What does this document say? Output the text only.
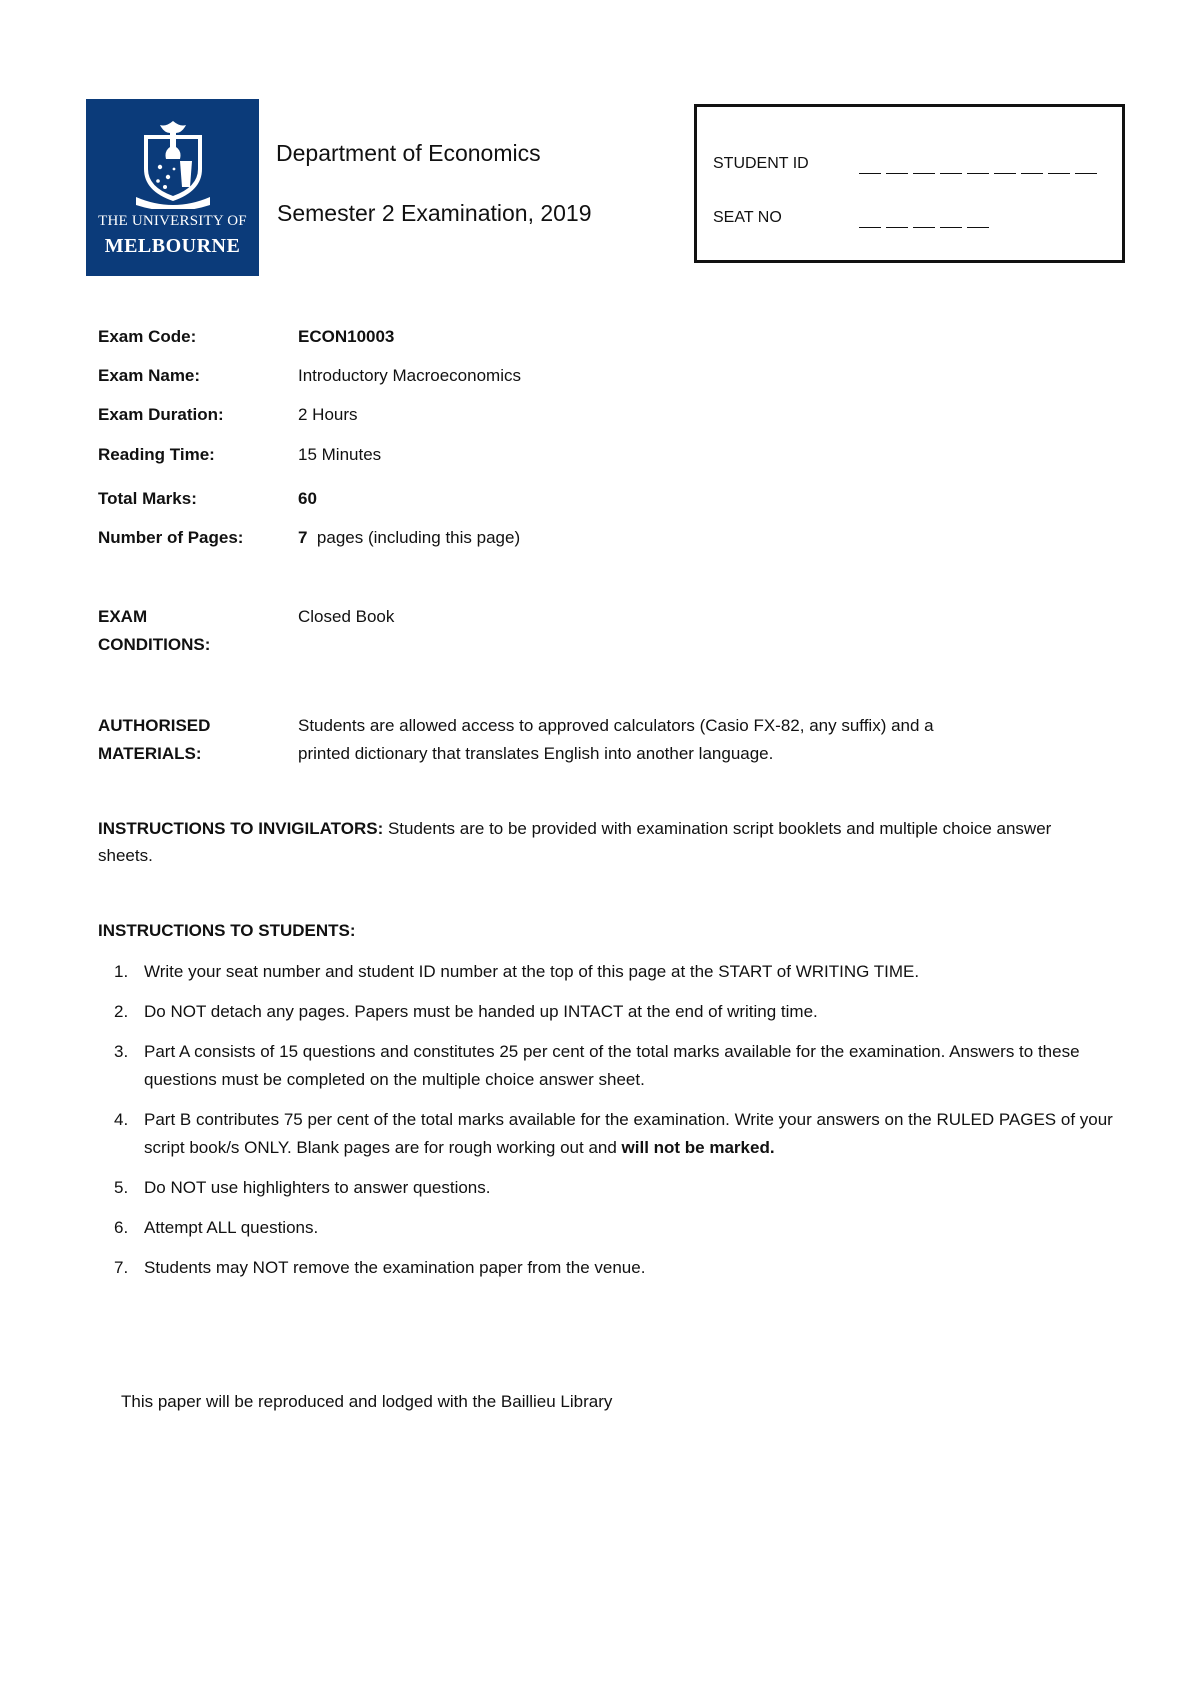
THE UNIVERSITY OF
MELBOURNE
Department of Economics
Semester 2 Examination, 2019
STUDENT ID
SEAT NO
Exam Code:	ECON10003
Exam Name:	Introductory Macroeconomics
Exam Duration:	2 Hours
Reading Time:	15 Minutes
Total Marks:	60
Number of Pages:	7  pages (including this page)
EXAM
CONDITIONS:
Closed Book
AUTHORISED
MATERIALS:
Students are allowed access to approved calculators (Casio FX-82, any suffix) and a
printed dictionary that translates English into another language.
INSTRUCTIONS TO INVIGILATORS: Students are to be provided with examination script booklets and multiple choice answer sheets.
INSTRUCTIONS TO STUDENTS:
1. Write your seat number and student ID number at the top of this page at the START of WRITING TIME.
2. Do NOT detach any pages. Papers must be handed up INTACT at the end of writing time.
3. Part A consists of 15 questions and constitutes 25 per cent of the total marks available for the examination. Answers to these questions must be completed on the multiple choice answer sheet.
4. Part B contributes 75 per cent of the total marks available for the examination. Write your answers on the RULED PAGES of your script book/s ONLY. Blank pages are for rough working out and will not be marked.
5. Do NOT use highlighters to answer questions.
6. Attempt ALL questions.
7. Students may NOT remove the examination paper from the venue.
This paper will be reproduced and lodged with the Baillieu Library
